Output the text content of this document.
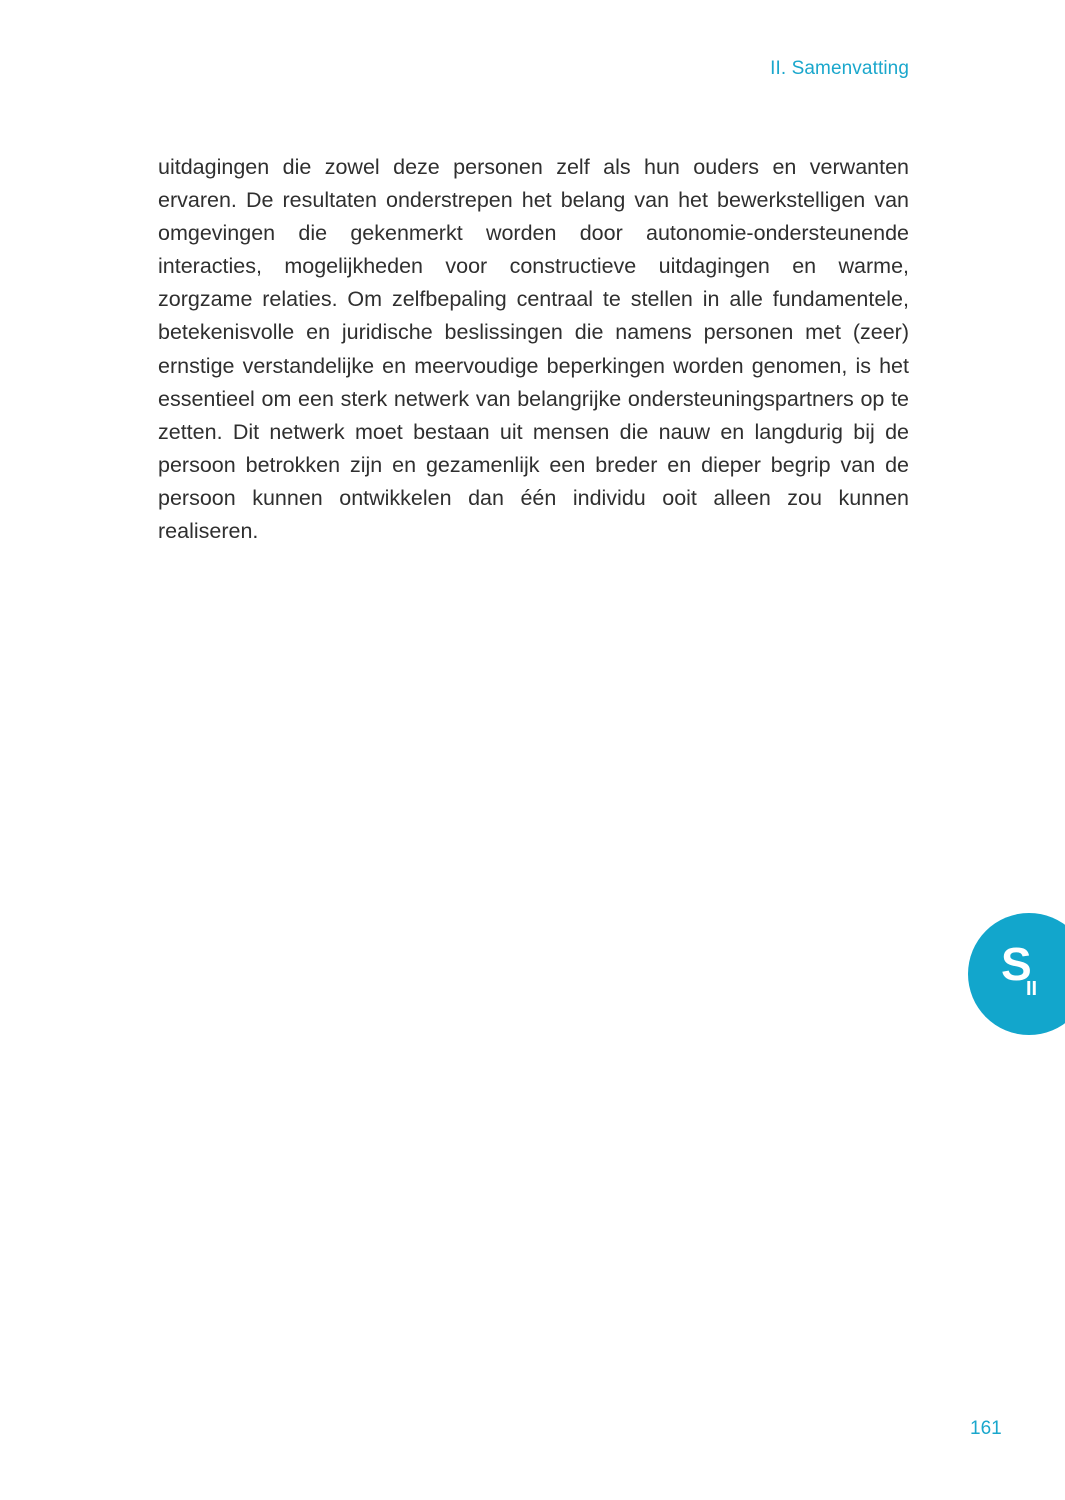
II. Samenvatting

uitdagingen die zowel deze personen zelf als hun ouders en verwanten ervaren. De resultaten onderstrepen het belang van het bewerkstelligen van omgevingen die gekenmerkt worden door autonomie-ondersteunende interacties, mogelijkheden voor constructieve uitdagingen en warme, zorgzame relaties. Om zelfbepaling centraal te stellen in alle fundamentele, betekenisvolle en juridische beslissingen die namens personen met (zeer) ernstige verstandelijke en meervoudige beperkingen worden genomen, is het essentieel om een sterk netwerk van belangrijke ondersteuningspartners op te zetten. Dit netwerk moet bestaan uit mensen die nauw en langdurig bij de persoon betrokken zijn en gezamenlijk een breder en dieper begrip van de persoon kunnen ontwikkelen dan één individu ooit alleen zou kunnen realiseren.

S
II
161
